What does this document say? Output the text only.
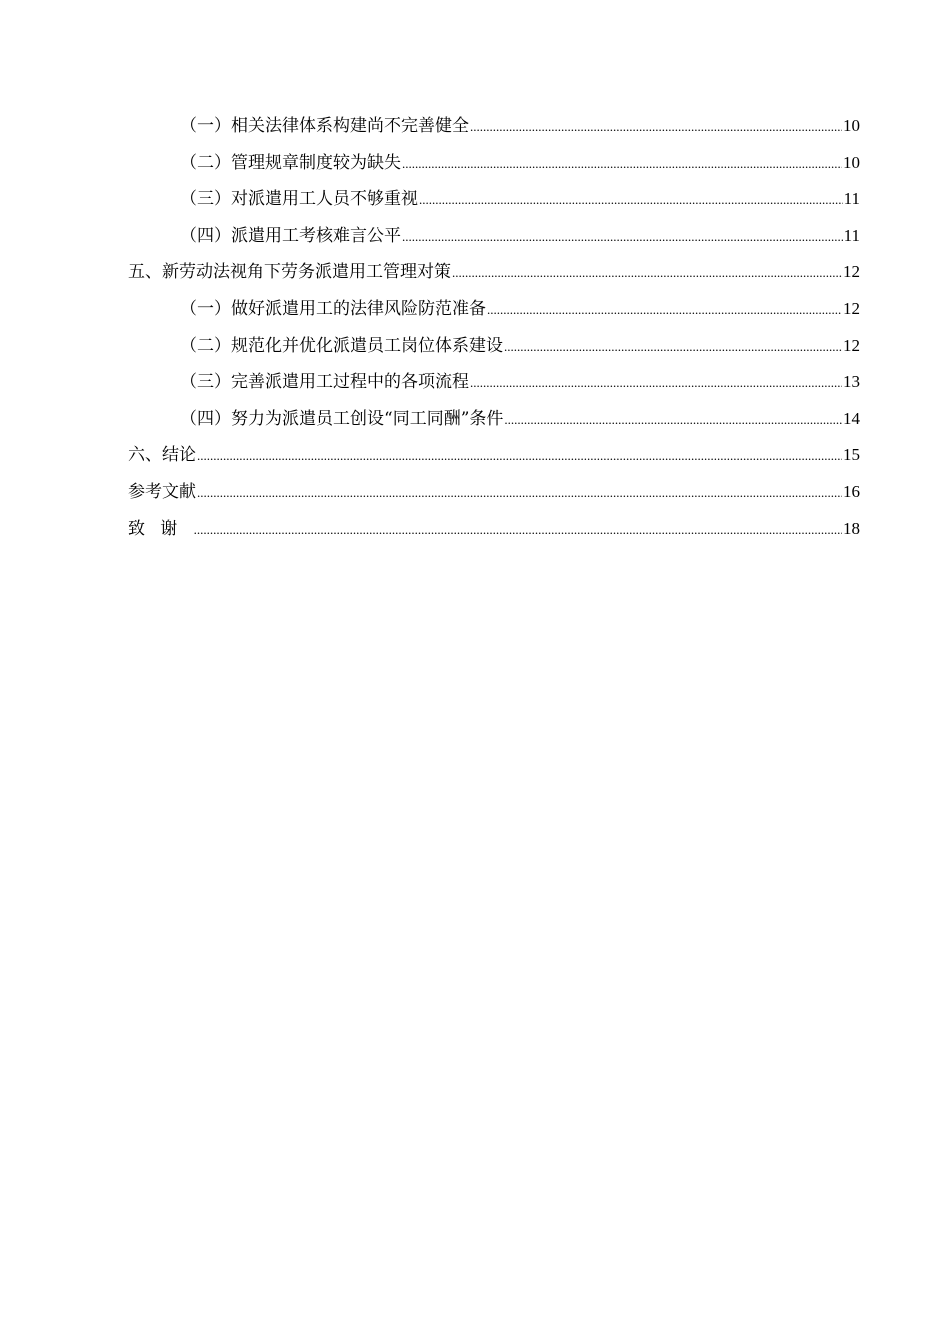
（一）相关法律体系构建尚不完善健全 .....	10
（二）管理规章制度较为缺失 .....	10
（三）对派遣用工人员不够重视 .....	11
（四）派遣用工考核难言公平 .....	11
五、新劳动法视角下劳务派遣用工管理对策 .....	12
（一）做好派遣用工的法律风险防范准备 .....	12
（二）规范化并优化派遣员工岗位体系建设 .....	12
（三）完善派遣用工过程中的各项流程 .....	13
（四）努力为派遣员工创设“同工同酬”条件 .....	14
六、结论 .....	15
参考文献 .....	16
致谢 .....	18
